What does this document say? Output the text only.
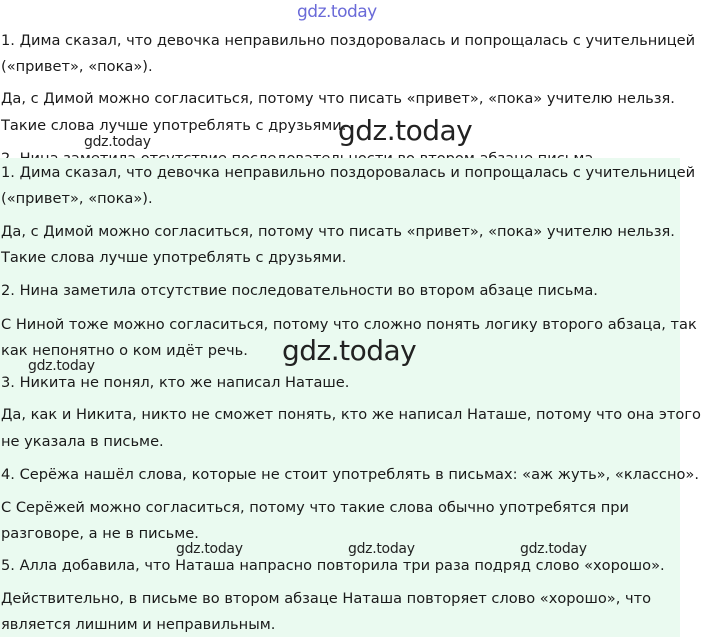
gdz.today

1. Дима сказал, что девочка неправильно поздоровалась и попрощалась с учительницей

(«привет», «пока»).

Да, с Димой можно согласиться, потому что писать «привет», «пока» учителю нельзя.

Такие слова лучше употреблять с друзьями.

1. Дима сказал, что девочка неправильно поздоровалась и попрощалась с учительницей

(«привет», «пока»).

Да, с Димой можно согласиться, потому что писать «привет», «пока» учителю нельзя.

Такие слова лучше употреблять с друзьями.

2. Нина заметила отсутствие последовательности во втором абзаце письма.

С Ниной тоже можно согласиться, потому что сложно понять логику второго абзаца, так

как непонятно о ком идёт речь.

3. Никита не понял, кто же написал Наташе.

Да, как и Никита, никто не сможет понять, кто же написал Наташе, потому что она этого

не указала в письме.

4. Серёжа нашёл слова, которые не стоит употреблять в письмах: «аж жуть», «классно».

С Серёжей можно согласиться, потому что такие слова обычно употребятся при

разговоре, а не в письме.

5. Алла добавила, что Наташа напрасно повторила три раза подряд слово «хорошо».

Действительно, в письме во втором абзаце Наташа повторяет слово «хорошо», что

является лишним и неправильным.

gdz.today
gdz.today
gdz.today
gdz.today
gdz.today	gdz.today	gdz.today
